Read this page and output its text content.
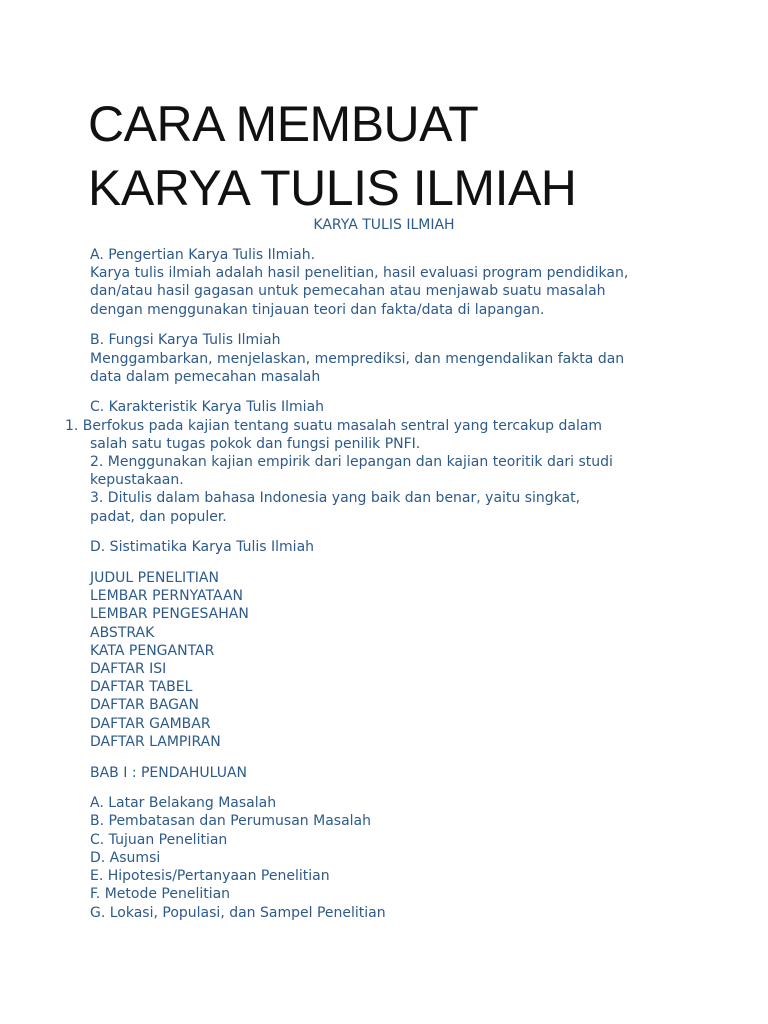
CARA MEMBUAT
KARYA TULIS ILMIAH

KARYA TULIS ILMIAH

A. Pengertian Karya Tulis Ilmiah.
Karya tulis ilmiah adalah hasil penelitian, hasil evaluasi program pendidikan,
dan/atau hasil gagasan untuk pemecahan atau menjawab suatu masalah
dengan menggunakan tinjauan teori dan fakta/data di lapangan.
B. Fungsi Karya Tulis Ilmiah
Menggambarkan, menjelaskan, memprediksi, dan mengendalikan fakta dan
data dalam pemecahan masalah
C. Karakteristik Karya Tulis Ilmiah
1. Berfokus pada kajian tentang suatu masalah sentral yang tercakup dalam
salah satu tugas pokok dan fungsi penilik PNFI.
2. Menggunakan kajian empirik dari lepangan dan kajian teoritik dari studi
kepustakaan.
3. Ditulis dalam bahasa Indonesia yang baik dan benar, yaitu singkat,
padat, dan populer.
D. Sistimatika Karya Tulis Ilmiah
JUDUL PENELITIAN
LEMBAR PERNYATAAN
LEMBAR PENGESAHAN
ABSTRAK
KATA PENGANTAR
DAFTAR ISI
DAFTAR TABEL
DAFTAR BAGAN
DAFTAR GAMBAR
DAFTAR LAMPIRAN
BAB I : PENDAHULUAN
A. Latar Belakang Masalah
B. Pembatasan dan Perumusan Masalah
C. Tujuan Penelitian
D. Asumsi
E. Hipotesis/Pertanyaan Penelitian
F. Metode Penelitian
G. Lokasi, Populasi, dan Sampel Penelitian
